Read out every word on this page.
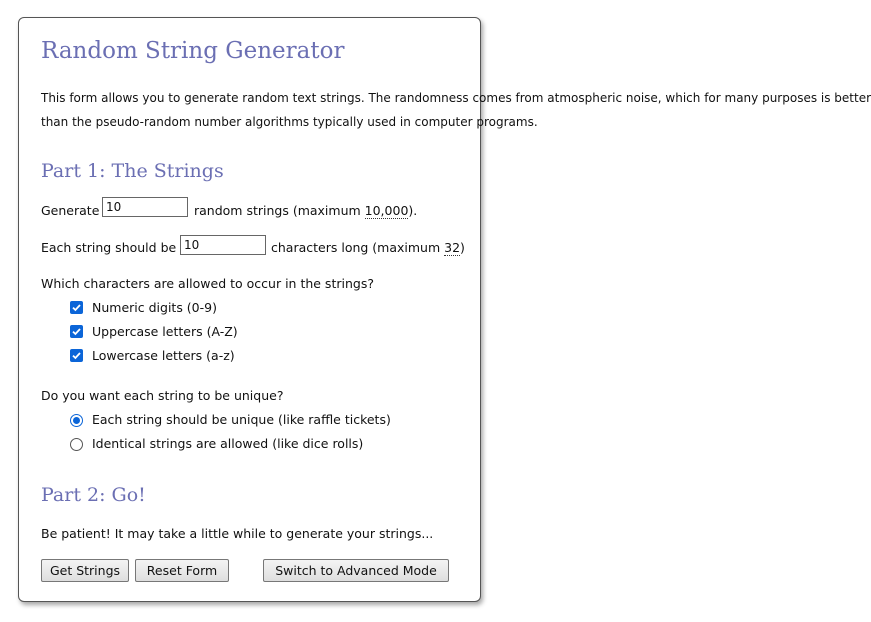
Random String Generator
This form allows you to generate random text strings. The randomness comes from atmospheric noise, which for many purposes is better
than the pseudo-random number algorithms typically used in computer programs.
Part 1: The Strings
Generate
10	random strings (maximum 10,000).
Each string should be
10	characters long (maximum 32)
Which characters are allowed to occur in the strings?
Numeric digits (0-9)
Uppercase letters (A-Z)
Lowercase letters (a-z)
Do you want each string to be unique?
Each string should be unique (like raffle tickets)
Identical strings are allowed (like dice rolls)
Part 2: Go!
Be patient! It may take a little while to generate your strings...
Get Strings	Reset Form	Switch to Advanced Mode
